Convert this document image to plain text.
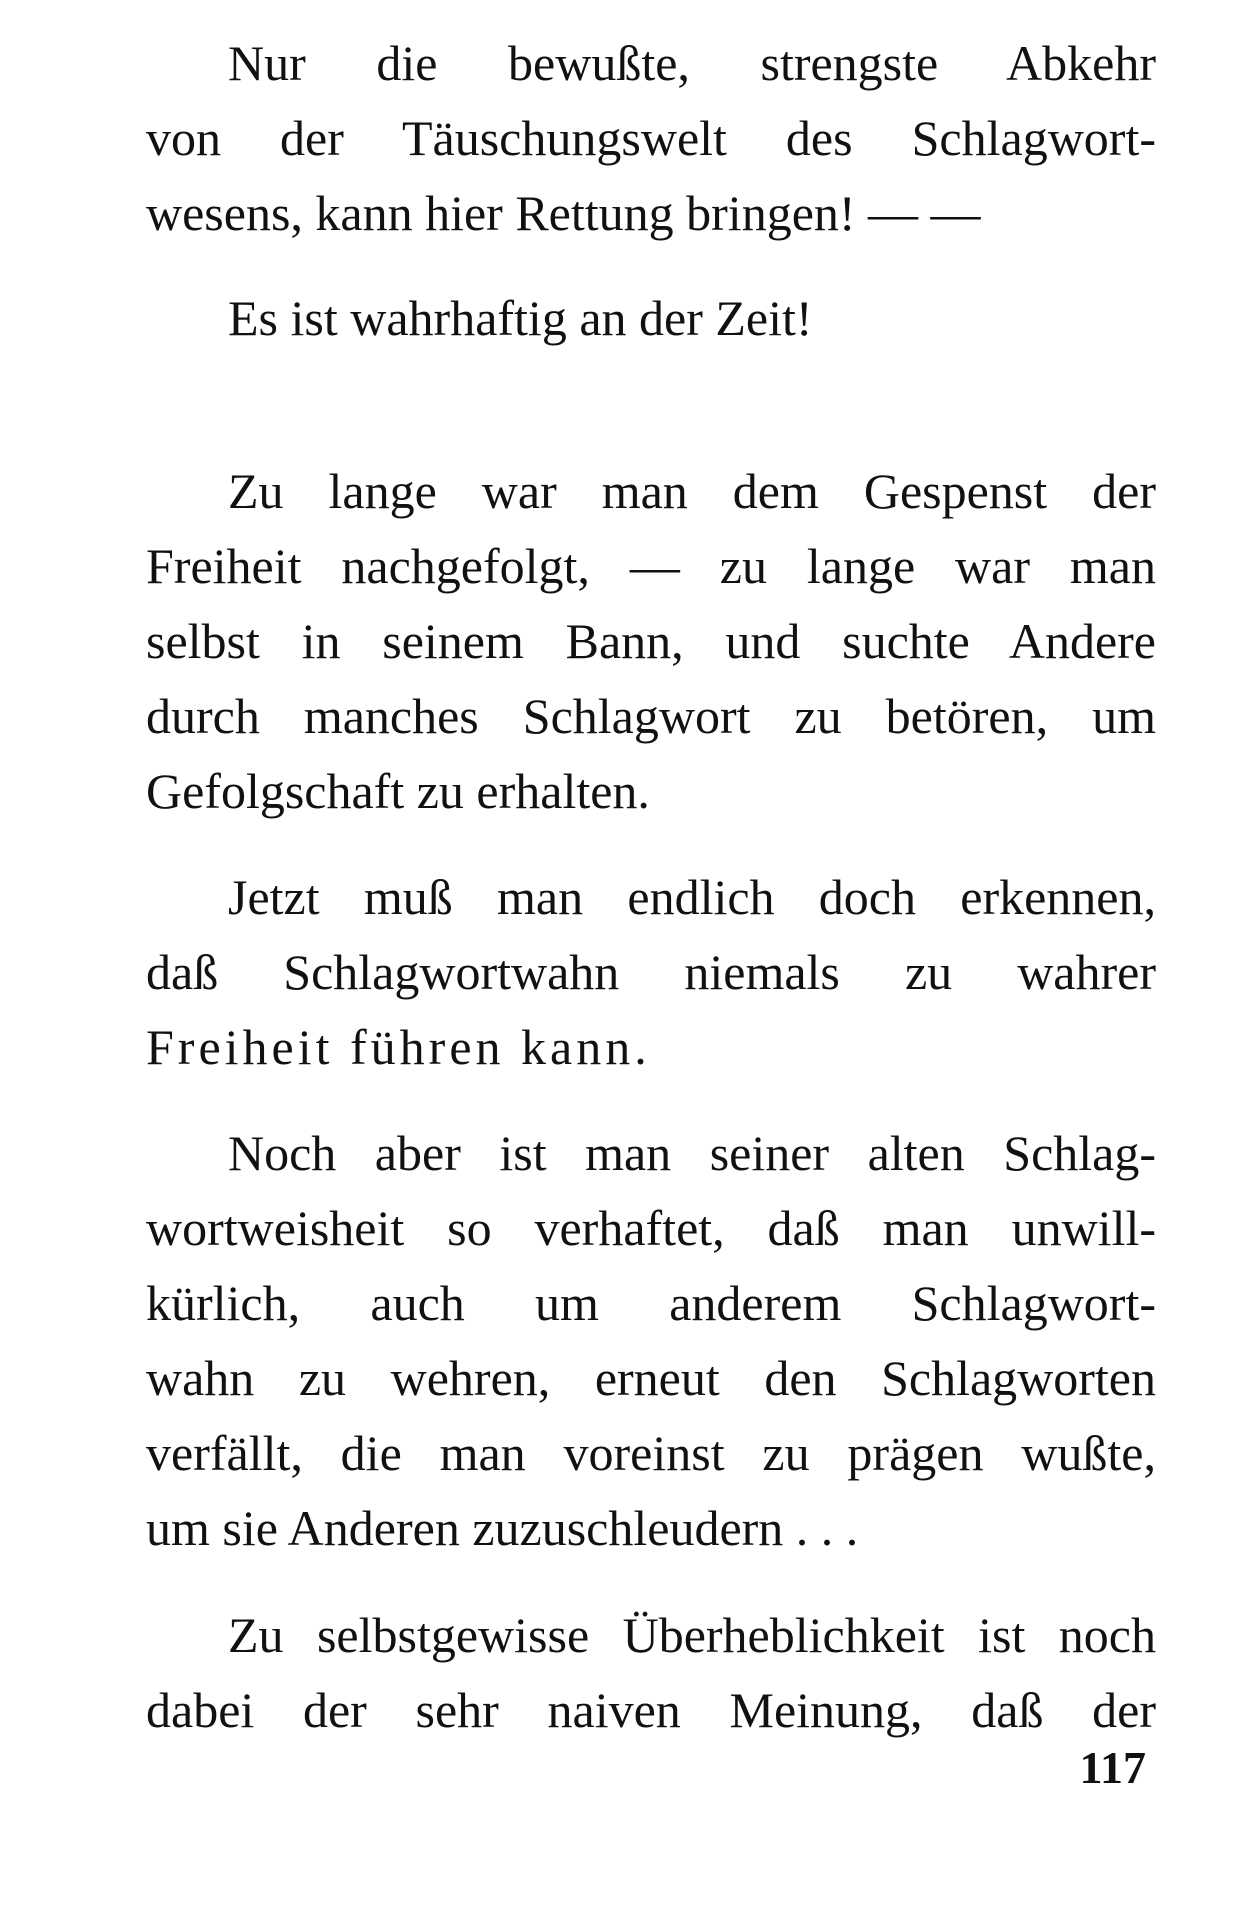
Nur die bewußte, strengste Abkehr
von der Täuschungswelt des Schlagwort-
wesens, kann hier Rettung bringen! — —
Es ist wahrhaftig an der Zeit!
Zu lange war man dem Gespenst der
Freiheit nachgefolgt, — zu lange war man
selbst in seinem Bann, und suchte Andere
durch manches Schlagwort zu betören, um
Gefolgschaft zu erhalten.
Jetzt muß man endlich doch erkennen,
daß Schlagwortwahn niemals zu wahrer
Freiheit führen kann.
Noch aber ist man seiner alten Schlag-
wortweisheit so verhaftet, daß man unwill-
kürlich, auch um anderem Schlagwort-
wahn zu wehren, erneut den Schlagworten
verfällt, die man voreinst zu prägen wußte,
um sie Anderen zuzuschleudern . . .
Zu selbstgewisse Überheblichkeit ist noch
dabei der sehr naiven Meinung, daß der
117
